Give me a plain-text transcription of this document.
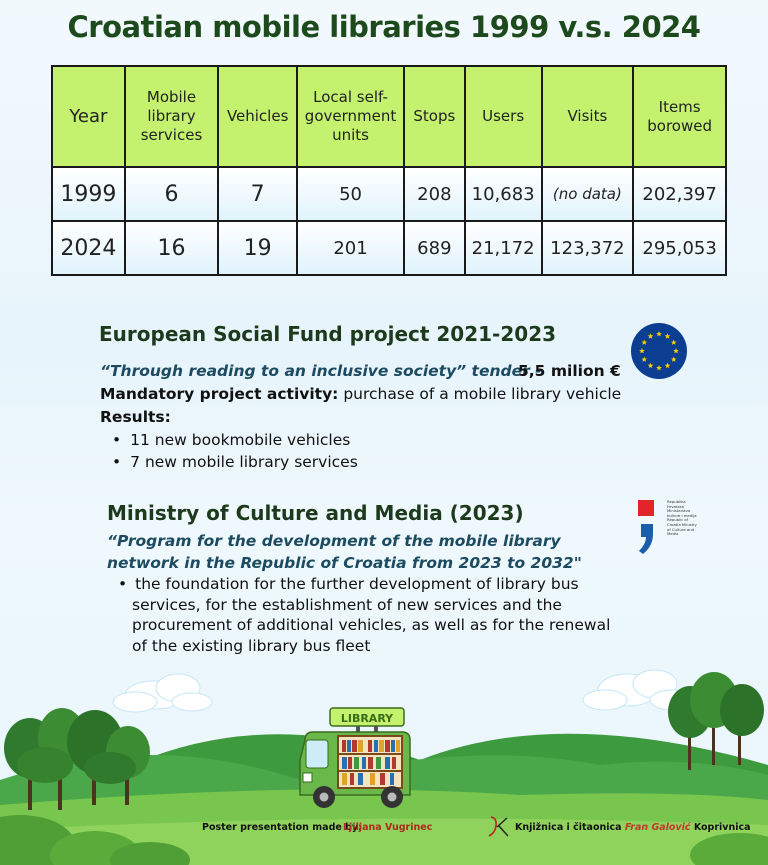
Croatian mobile libraries 1999 v.s. 2024
Year	Mobile library services	Vehicles	Local self-government units	Stops	Users	Visits	Items borowed
1999	6	7	50	208	10,683	(no data)	202,397
2024	16	19	201	689	21,172	123,372	295,053
European Social Fund project 2021-2023
“Through reading to an inclusive society” tender -
5,5 milion €
Mandatory project activity: purchase of a mobile library vehicle
Results:
• 11 new bookmobile vehicles
• 7 new mobile library services
Ministry of Culture and Media (2023)
“Program for the development of the mobile library network in the Republic of Croatia from 2023 to 2032"
• the foundation for the further development of library bus services, for the establishment of new services and the procurement of additional vehicles, as well as for the renewal of the existing library bus fleet
Republika Hrvatska Ministarstvo kulture i medija Republic of Croatia Ministry of Culture and Media
LIBRARY
Poster presentation made by:
Ljiljana Vugrinec	Knjižnica i čitaonica Fran Galović Koprivnica
